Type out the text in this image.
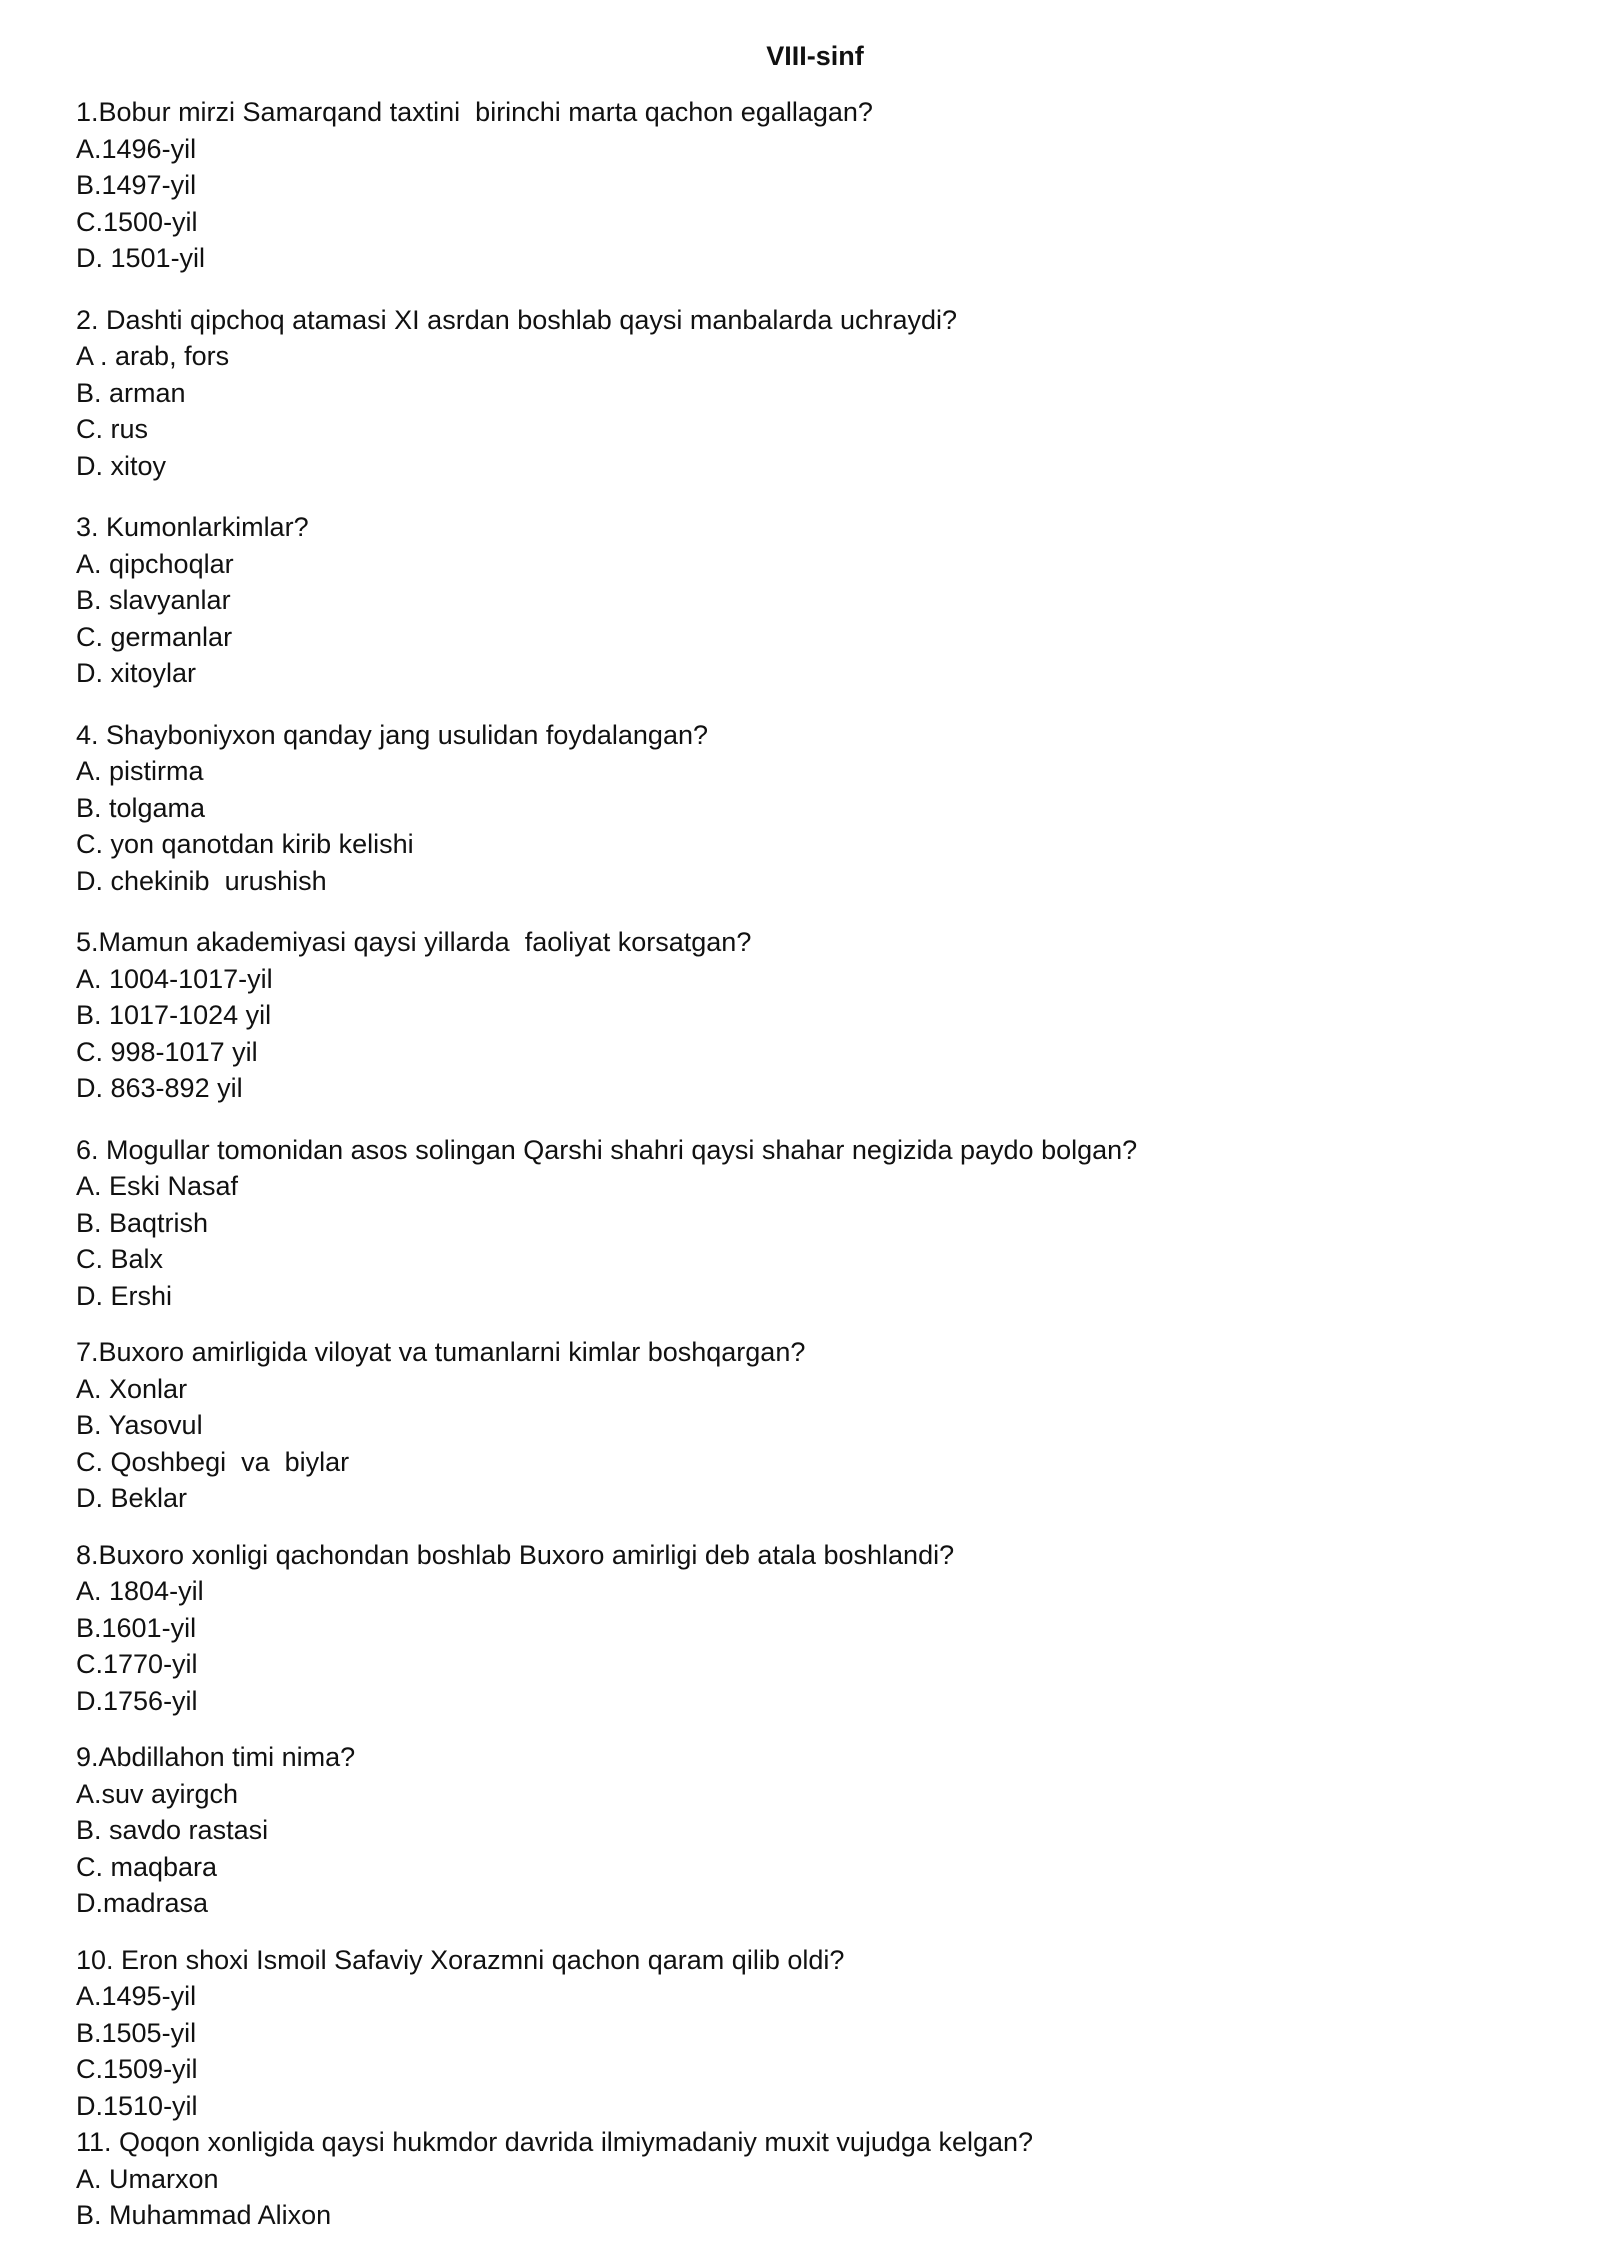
VIII-sinf
1.Bobur mirzi Samarqand taxtini  birinchi marta qachon egallagan?
A.1496-yil
B.1497-yil
C.1500-yil
D. 1501-yil
2. Dashti qipchoq atamasi XI asrdan boshlab qaysi manbalarda uchraydi?
A . arab, fors
B. arman
C. rus
D. xitoy
3. Kumonlarkimlar?
A. qipchoqlar
B. slavyanlar
C. germanlar
D. xitoylar
4. Shayboniyxon qanday jang usulidan foydalangan?
A. pistirma
B. tolgama
C. yon qanotdan kirib kelishi
D. chekinib  urushish
5.Mamun akademiyasi qaysi yillarda  faoliyat korsatgan?
A. 1004-1017-yil
B. 1017-1024 yil
C. 998-1017 yil
D. 863-892 yil
6. Mogullar tomonidan asos solingan Qarshi shahri qaysi shahar negizida paydo bolgan?
A. Eski Nasaf
B. Baqtrish
C. Balx
D. Ershi
7.Buxoro amirligida viloyat va tumanlarni kimlar boshqargan?
A. Xonlar
B. Yasovul
C. Qoshbegi  va  biylar
D. Beklar
8.Buxoro xonligi qachondan boshlab Buxoro amirligi deb atala boshlandi?
A. 1804-yil
B.1601-yil
C.1770-yil
D.1756-yil
9.Abdillahon timi nima?
A.suv ayirgch
B. savdo rastasi
C. maqbara
D.madrasa
10. Eron shoxi Ismoil Safaviy Xorazmni qachon qaram qilib oldi?
A.1495-yil
B.1505-yil
C.1509-yil
D.1510-yil
11. Qoqon xonligida qaysi hukmdor davrida ilmiymadaniy muxit vujudga kelgan?
A. Umarxon
B. Muhammad Alixon
